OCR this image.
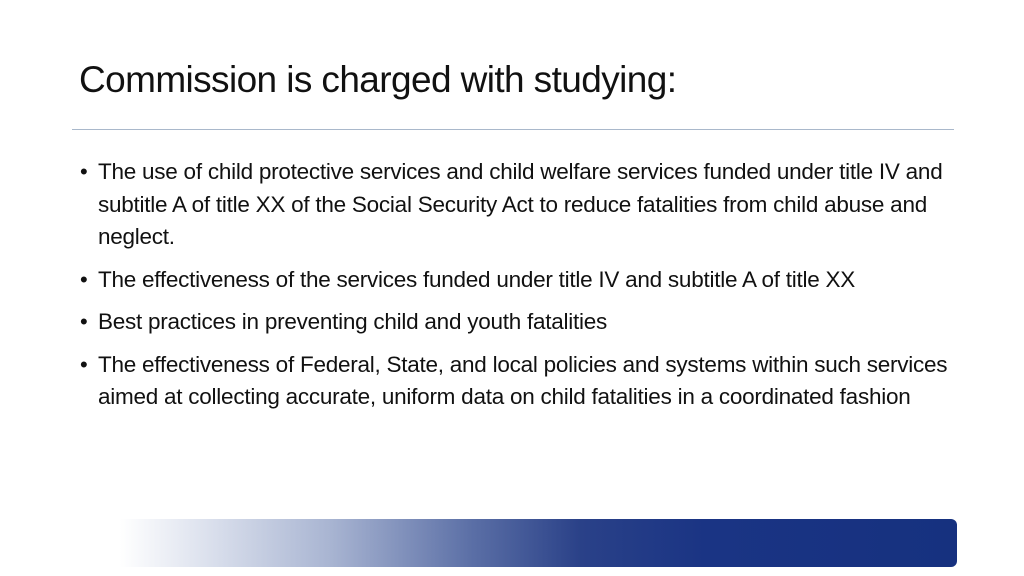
Commission is charged with studying:
• The use of child protective services and child welfare services funded under title IV and subtitle A of title XX of the Social Security Act to reduce fatalities from child abuse and neglect.
• The effectiveness of the services funded under title IV and subtitle A of title XX
• Best practices in preventing child and youth fatalities
• The effectiveness of Federal, State, and local policies and systems within such services aimed at collecting accurate, uniform data on child fatalities in a coordinated fashion
